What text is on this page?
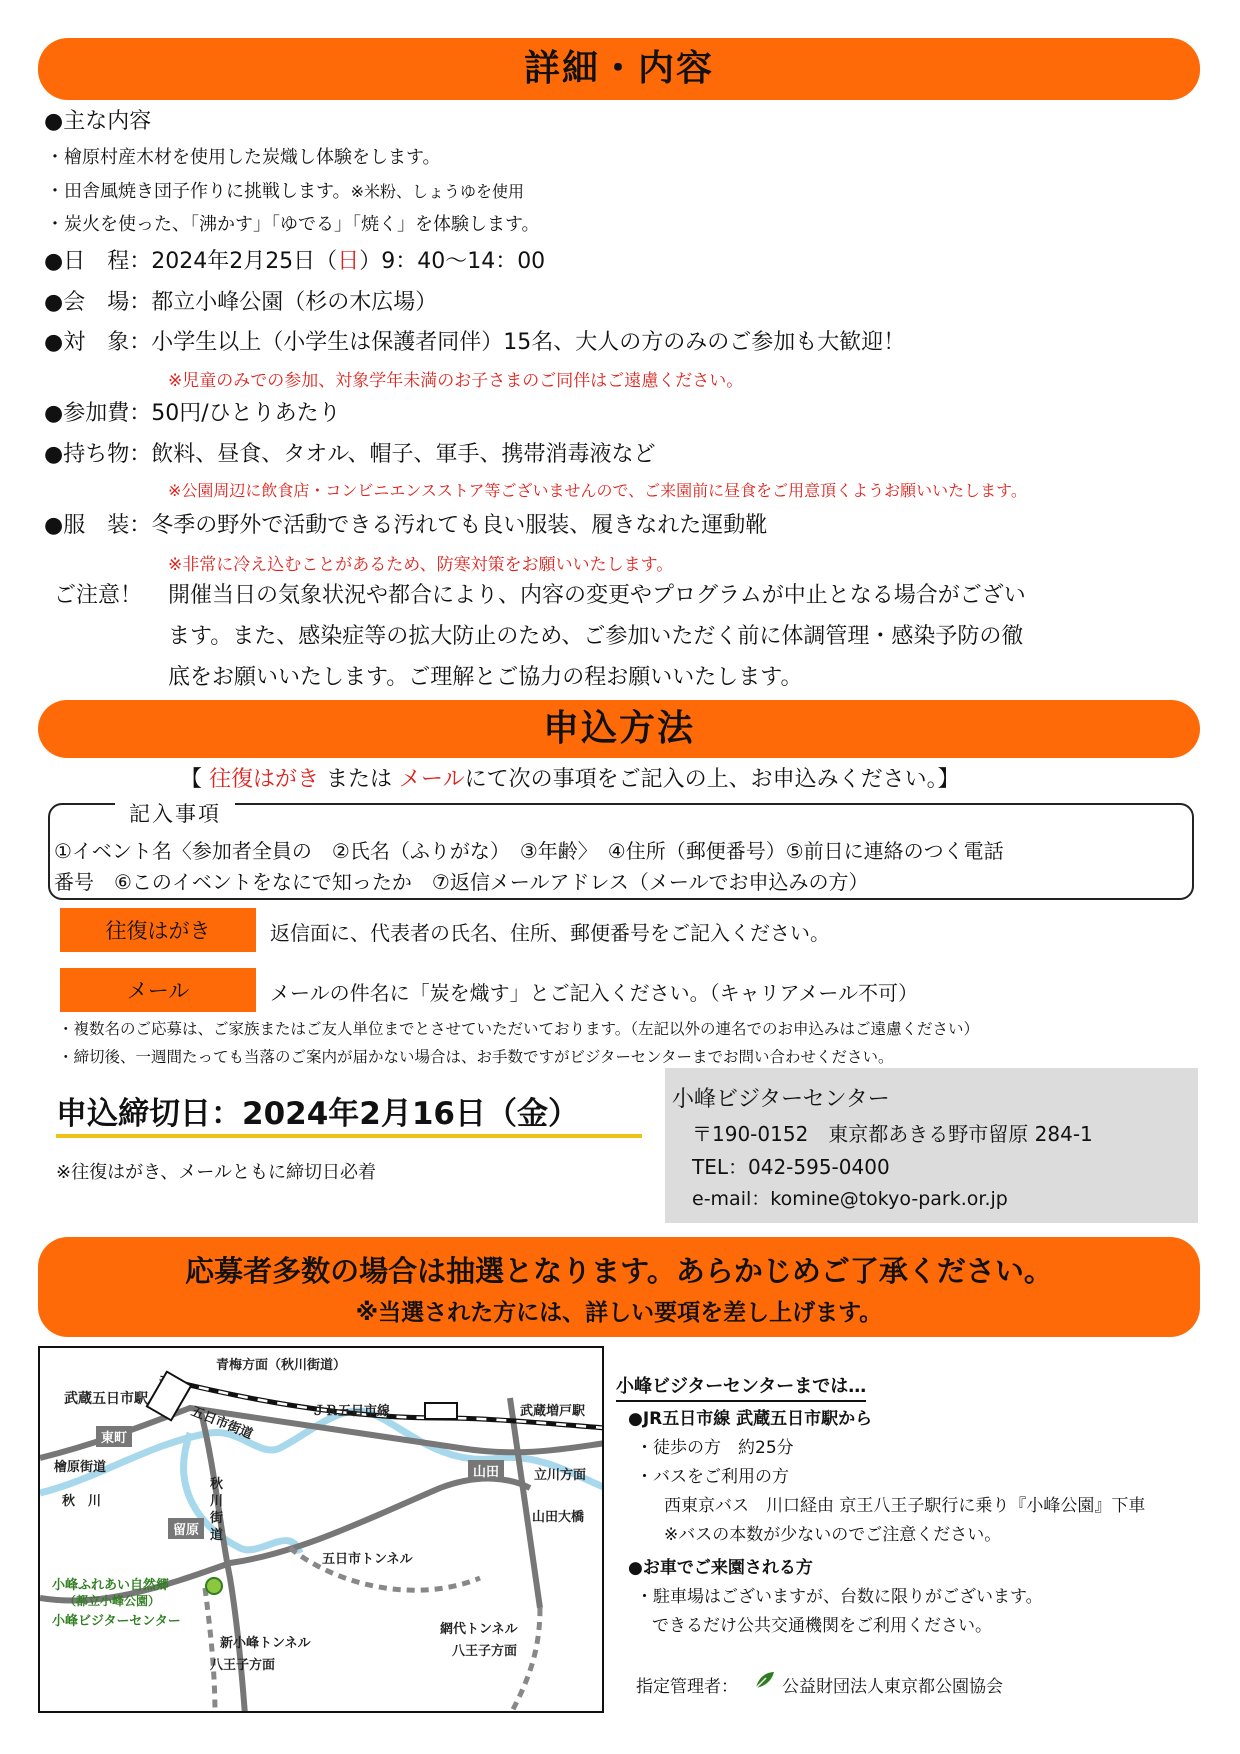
詳細・内容
●主な内容
・檜原村産木材を使用した炭熾し体験をします。
・田舎風焼き団子作りに挑戦します。※米粉、しょうゆを使用
・炭火を使った、「沸かす」「ゆでる」「焼く」を体験します。
●日　程：2024年2月25日（日）9：40～14：00
●会　場：都立小峰公園（杉の木広場）
●対　象：小学生以上（小学生は保護者同伴）15名、大人の方のみのご参加も大歓迎！
※児童のみでの参加、対象学年未満のお子さまのご同伴はご遠慮ください。
●参加費：50円/ひとりあたり
●持ち物：飲料、昼食、タオル、帽子、軍手、携帯消毒液など
※公園周辺に飲食店・コンビニエンスストア等ございませんので、ご来園前に昼食をご用意頂くようお願いいたします。
●服　装：冬季の野外で活動できる汚れても良い服装、履きなれた運動靴
※非常に冷え込むことがあるため、防寒対策をお願いいたします。
ご注意！ 開催当日の気象状況や都合により、内容の変更やプログラムが中止となる場合がござい
ます。また、感染症等の拡大防止のため、ご参加いただく前に体調管理・感染予防の徹
底をお願いいたします。ご理解とご協力の程お願いいたします。
申込方法
【 往復はがき または メールにて次の事項をご記入の上、お申込みください。】
記入事項
①イベント名〈参加者全員の　②氏名（ふりがな）　③年齢〉　④住所（郵便番号）⑤前日に連絡のつく電話
番号　⑥このイベントをなにで知ったか　⑦返信メールアドレス（メールでお申込みの方）
往復はがき	返信面に、代表者の氏名、住所、郵便番号をご記入ください。
メール	メールの件名に「炭を熾す」とご記入ください。（キャリアメール不可）
・複数名のご応募は、ご家族またはご友人単位までとさせていただいております。（左記以外の連名でのお申込みはご遠慮ください）
・締切後、一週間たっても当落のご案内が届かない場合は、お手数ですがビジターセンターまでお問い合わせください。
申込締切日：2024年2月16日（金）
※往復はがき、メールともに締切日必着
小峰ビジターセンター
〒190-0152　東京都あきる野市留原 284-1
TEL：042-595-0400
e-mail：komine@tokyo-park.or.jp
応募者多数の場合は抽選となります。あらかじめご了承ください。
※当選された方には、詳しい要項を差し上げます。
青梅方面（秋川街道）
武蔵五日市駅
ＪＲ五日市線	武蔵増戸駅
東町	五日市街道
檜原街道	山田	立川方面
秋　川
秋川街道
留原
山田大橋
五日市トンネル
小峰ふれあい自然郷
（都立小峰公園）
小峰ビジターセンター
新小峰トンネル
八王子方面
網代トンネル
八王子方面
小峰ビジターセンターまでは…
●JR五日市線 武蔵五日市駅から
・徒歩の方　約25分
・バスをご利用の方
西東京バス　川口経由 京王八王子駅行に乗り『小峰公園』下車
※バスの本数が少ないのでご注意ください。
●お車でご来園される方
・駐車場はございますが、台数に限りがございます。
できるだけ公共交通機関をご利用ください。
指定管理者：	公益財団法人東京都公園協会
